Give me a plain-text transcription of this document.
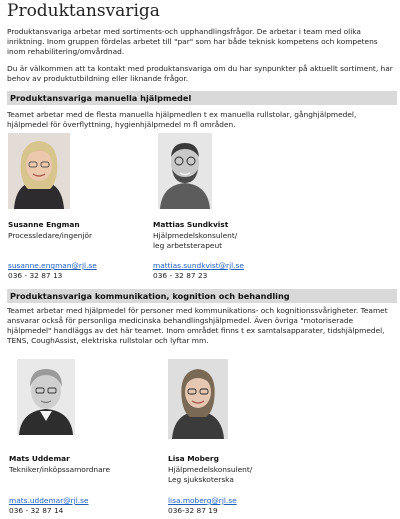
Produktansvariga

Produktansvariga arbetar med sortiments-och upphandlingsfrågor. De arbetar i team med olika inriktning. Inom gruppen fördelas arbetet till "par" som har både teknisk kompetens och kompetens inom rehabilitering/omvårdnad.

Du är välkommen att ta kontakt med produktansvariga om du har synpunkter på aktuellt sortiment, har behov av produktutbildning eller liknande frågor.

Produktansvariga manuella hjälpmedel

Teamet arbetar med de flesta manuella hjälpmedlen t ex manuella rullstolar, gånghjälpmedel, hjälpmedel för överflyttning, hygienhjälpmedel m fl områden.

Susanne Engman
Processledare/ingenjör
susanne.engman@rjl.se
036 - 32 87 13
Mattias Sundkvist
Hjälpmedelskonsulent/
leg arbetsterapeut
mattias.sundkvist@rjl.se
036 - 32 87 23
Produktansvariga kommunikation, kognition och behandling

Teamet arbetar med hjälpmedel för personer med kommunikations- och kognitionssvårigheter. Teamet ansvarar också för personliga medicinska behandlingshjälpmedel. Även övriga "motoriserade hjälpmedel" handläggs av det här teamet. Inom området finns t ex samtalsapparater, tidshjälpmedel, TENS, CoughAssist, elektriska rullstolar och lyftar mm.

Mats Uddemar
Tekniker/inköpssamordnare
mats.uddemar@rjl.se
036 - 32 87 14
Lisa Moberg
Hjälpmedelskonsulent/
Leg sjukskoterska
lisa.moberg@rjl.se
036-32 87 19
